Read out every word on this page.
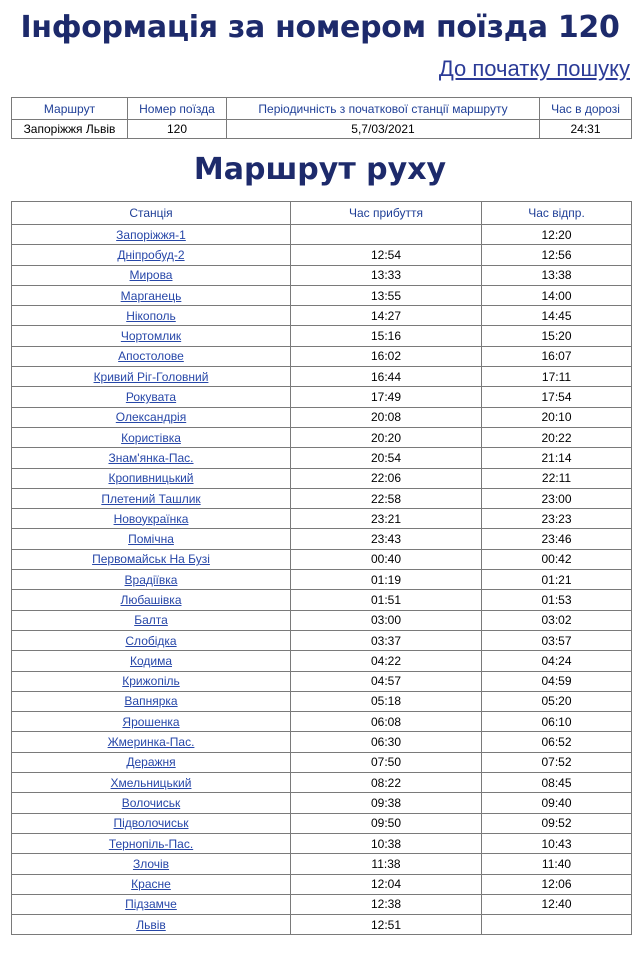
Інформація за номером поїзда 120
До початку пошуку
Маршрут	Номер поїзда	Періодичність з початкової станції маршруту	Час в дорозі
Запоріжжя Львів	120	5,7/03/2021	24:31
Маршрут руху
Станція	Час прибуття	Час відпр.
Запоріжжя-1		12:20
Дніпробуд-2	12:54	12:56
Мирова	13:33	13:38
Марганець	13:55	14:00
Нікополь	14:27	14:45
Чортомлик	15:16	15:20
Апостолове	16:02	16:07
Кривий Ріг-Головний	16:44	17:11
Рокувата	17:49	17:54
Олександрія	20:08	20:10
Користівка	20:20	20:22
Знам'янка-Пас.	20:54	21:14
Кропивницький	22:06	22:11
Плетений Ташлик	22:58	23:00
Новоукраїнка	23:21	23:23
Помічна	23:43	23:46
Первомайськ На Бузі	00:40	00:42
Врадіївка	01:19	01:21
Любашівка	01:51	01:53
Балта	03:00	03:02
Слобідка	03:37	03:57
Кодима	04:22	04:24
Крижопіль	04:57	04:59
Вапнярка	05:18	05:20
Ярошенка	06:08	06:10
Жмеринка-Пас.	06:30	06:52
Деражня	07:50	07:52
Хмельницький	08:22	08:45
Волочиськ	09:38	09:40
Підволочиськ	09:50	09:52
Тернопіль-Пас.	10:38	10:43
Злочів	11:38	11:40
Красне	12:04	12:06
Підзамче	12:38	12:40
Львів	12:51	
